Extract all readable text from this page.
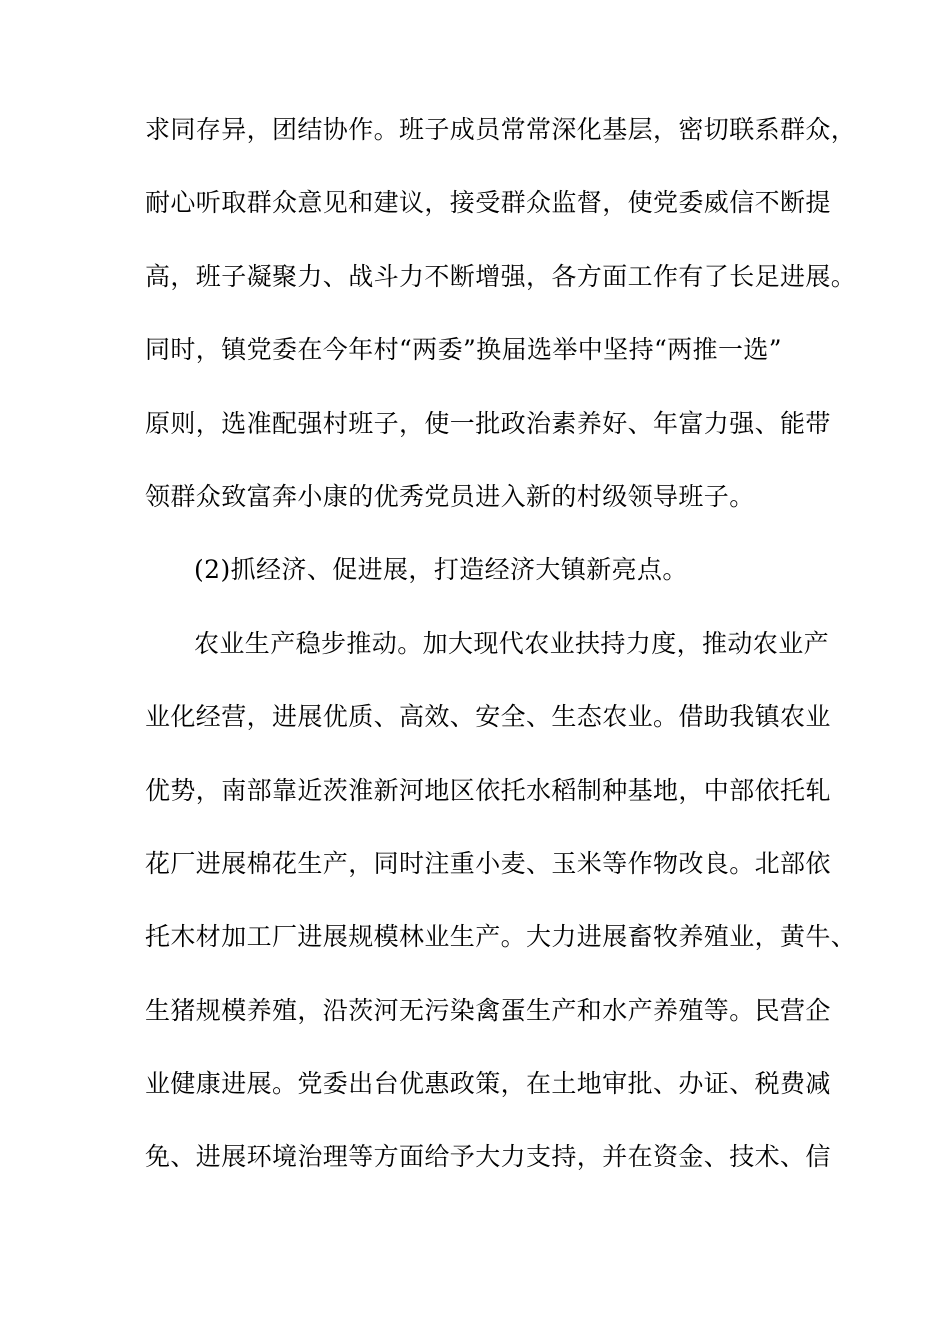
求同存异，团结协作。班子成员常常深化基层，密切联系群众，
耐心听取群众意见和建议，接受群众监督，使党委威信不断提
高，班子凝聚力、战斗力不断增强，各方面工作有了长足进展。
同时，镇党委在今年村“两委”换届选举中坚持“两推一选”
原则，选准配强村班子，使一批政治素养好、年富力强、能带
领群众致富奔小康的优秀党员进入新的村级领导班子。
(2)抓经济、促进展，打造经济大镇新亮点。
农业生产稳步推动。加大现代农业扶持力度，推动农业产
业化经营，进展优质、高效、安全、生态农业。借助我镇农业
优势，南部靠近茨淮新河地区依托水稻制种基地，中部依托轧
花厂进展棉花生产，同时注重小麦、玉米等作物改良。北部依
托木材加工厂进展规模林业生产。大力进展畜牧养殖业，黄牛、
生猪规模养殖，沿茨河无污染禽蛋生产和水产养殖等。民营企
业健康进展。党委出台优惠政策，在土地审批、办证、税费减
免、进展环境治理等方面给予大力支持，并在资金、技术、信
